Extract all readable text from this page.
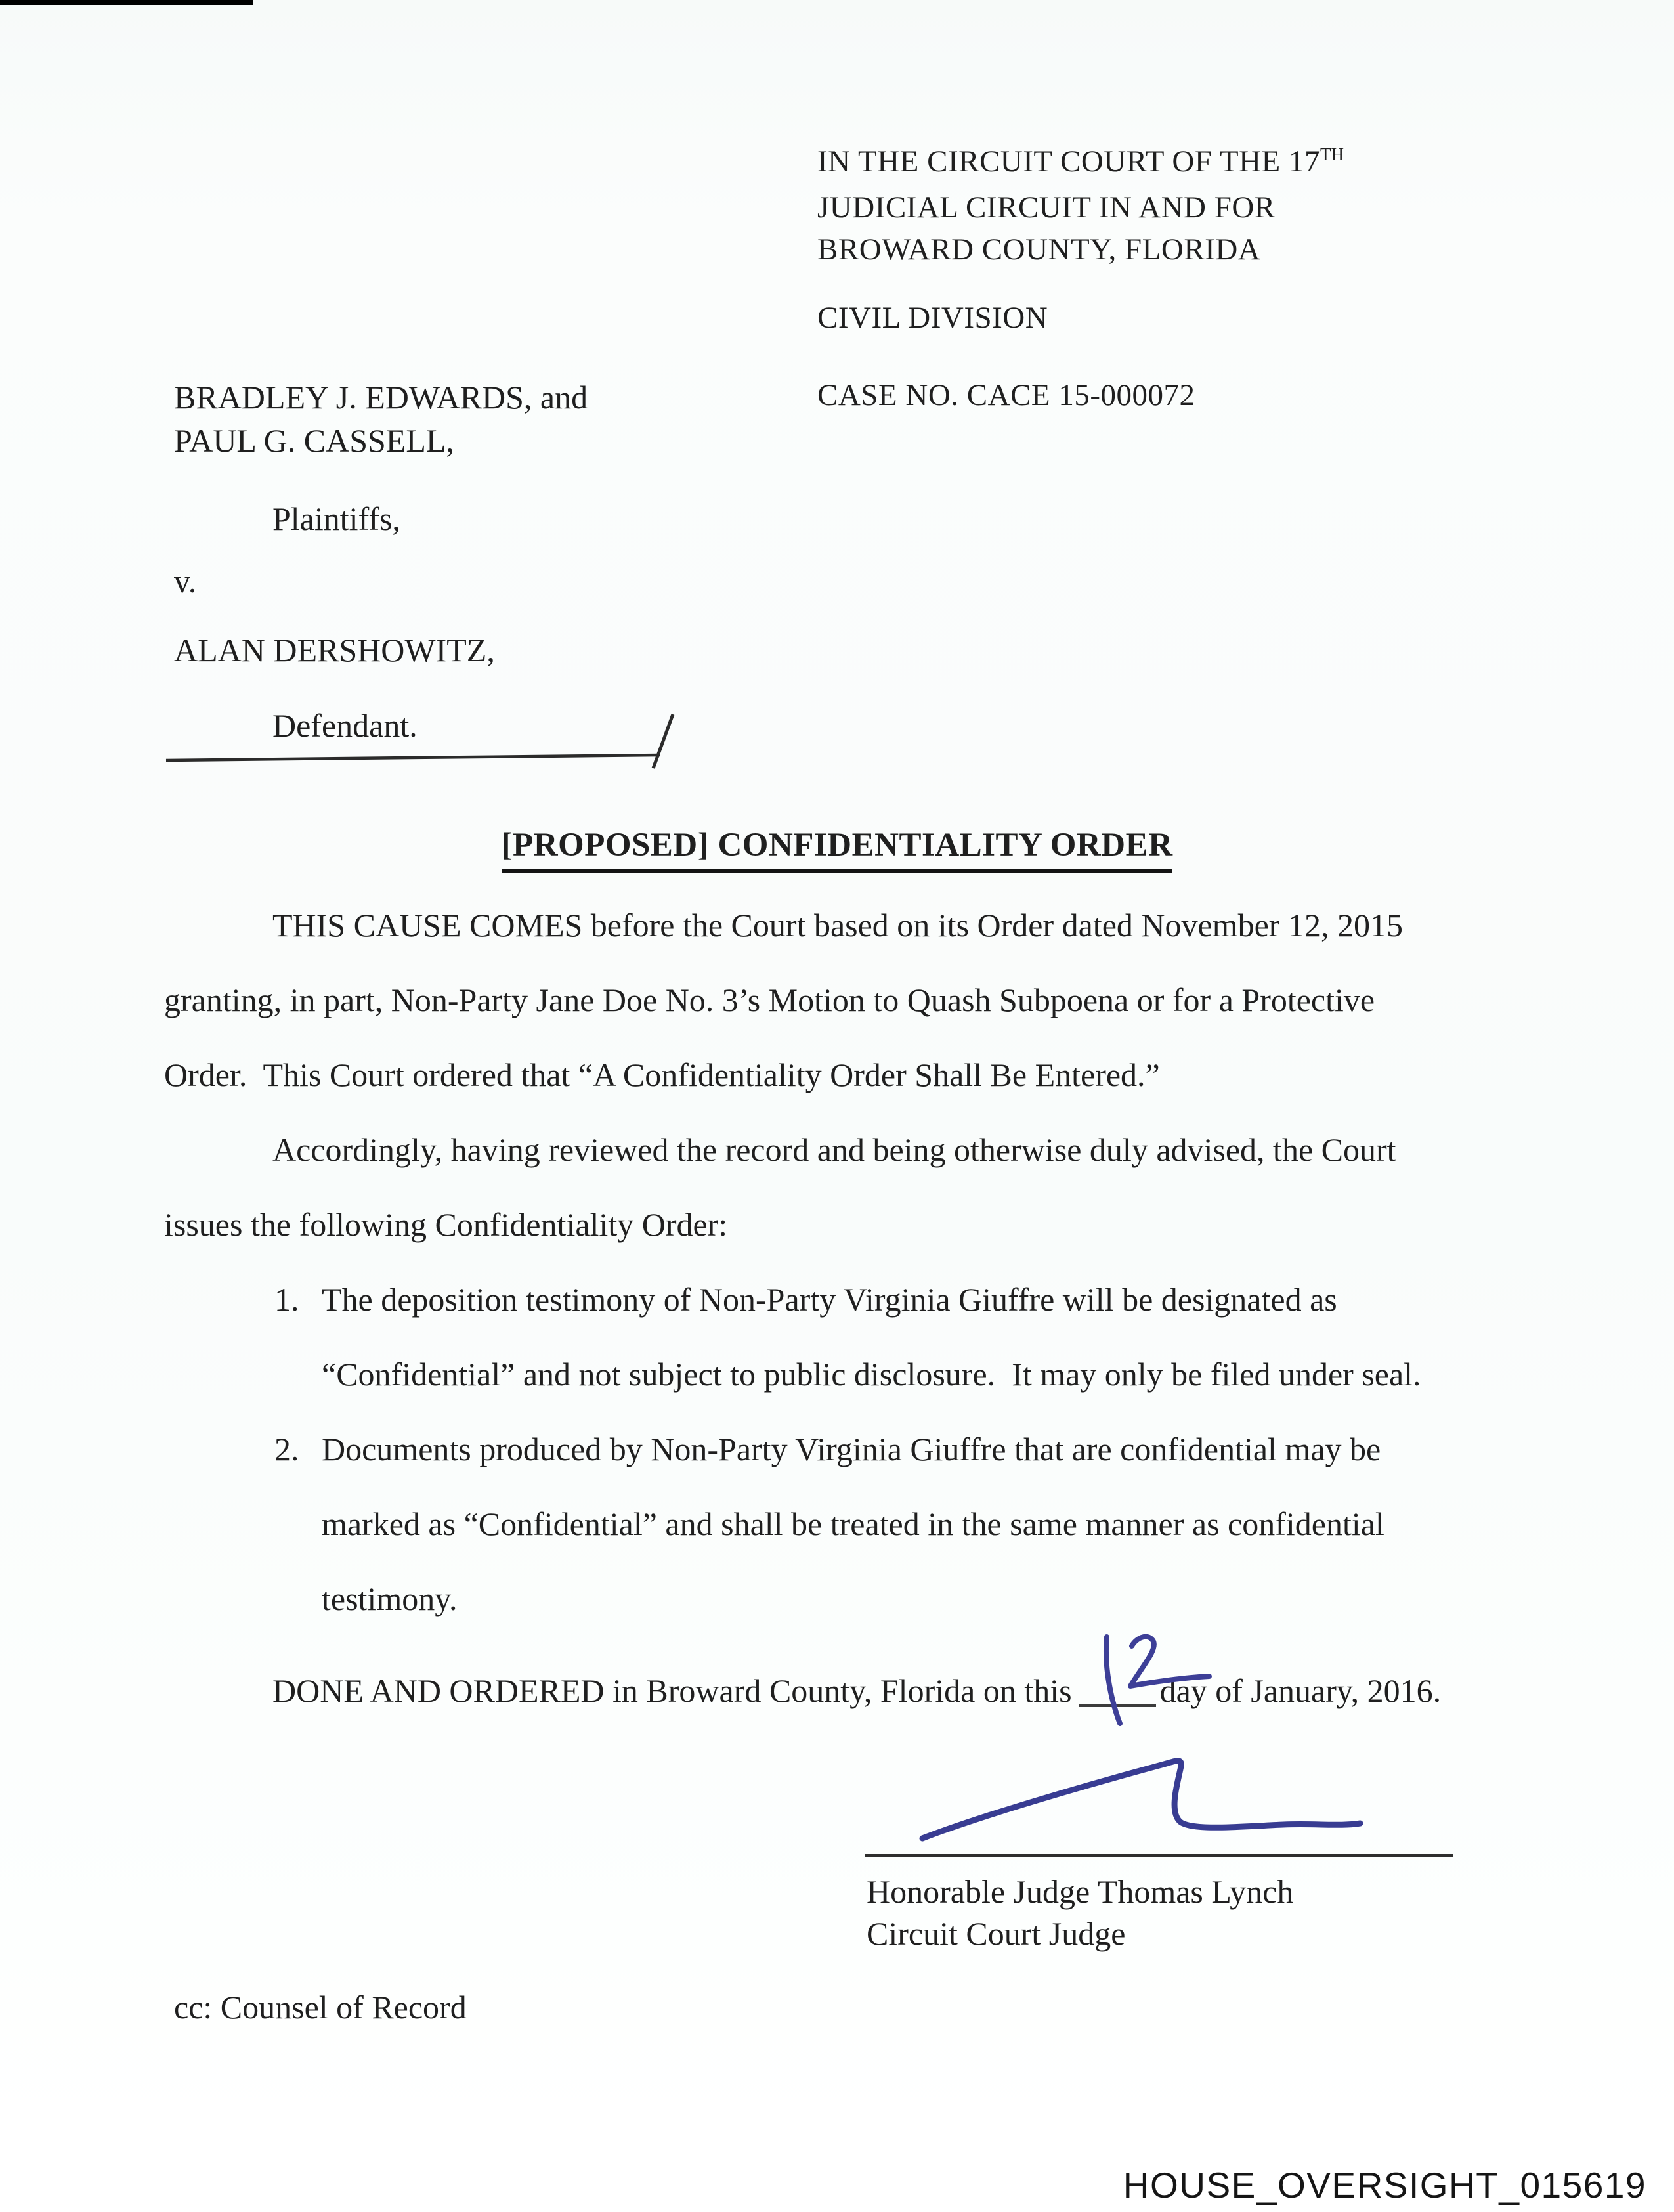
IN THE CIRCUIT COURT OF THE 17TH
JUDICIAL CIRCUIT IN AND FOR
BROWARD COUNTY, FLORIDA
CIVIL DIVISION
CASE NO. CACE 15-000072
BRADLEY J. EDWARDS, and
PAUL G. CASSELL,
Plaintiffs,
v.
ALAN DERSHOWITZ,
Defendant.
[PROPOSED] CONFIDENTIALITY ORDER
THIS CAUSE COMES before the Court based on its Order dated November 12, 2015
granting, in part, Non-Party Jane Doe No. 3’s Motion to Quash Subpoena or for a Protective
Order.  This Court ordered that “A Confidentiality Order Shall Be Entered.”
Accordingly, having reviewed the record and being otherwise duly advised, the Court
issues the following Confidentiality Order:
1. The deposition testimony of Non-Party Virginia Giuffre will be designated as
“Confidential” and not subject to public disclosure.  It may only be filed under seal.
2. Documents produced by Non-Party Virginia Giuffre that are confidential may be
marked as “Confidential” and shall be treated in the same manner as confidential
testimony.
DONE AND ORDERED in Broward County, Florida on this	day of January, 2016.
Honorable Judge Thomas Lynch
Circuit Court Judge
cc: Counsel of Record
HOUSE_OVERSIGHT_015619
